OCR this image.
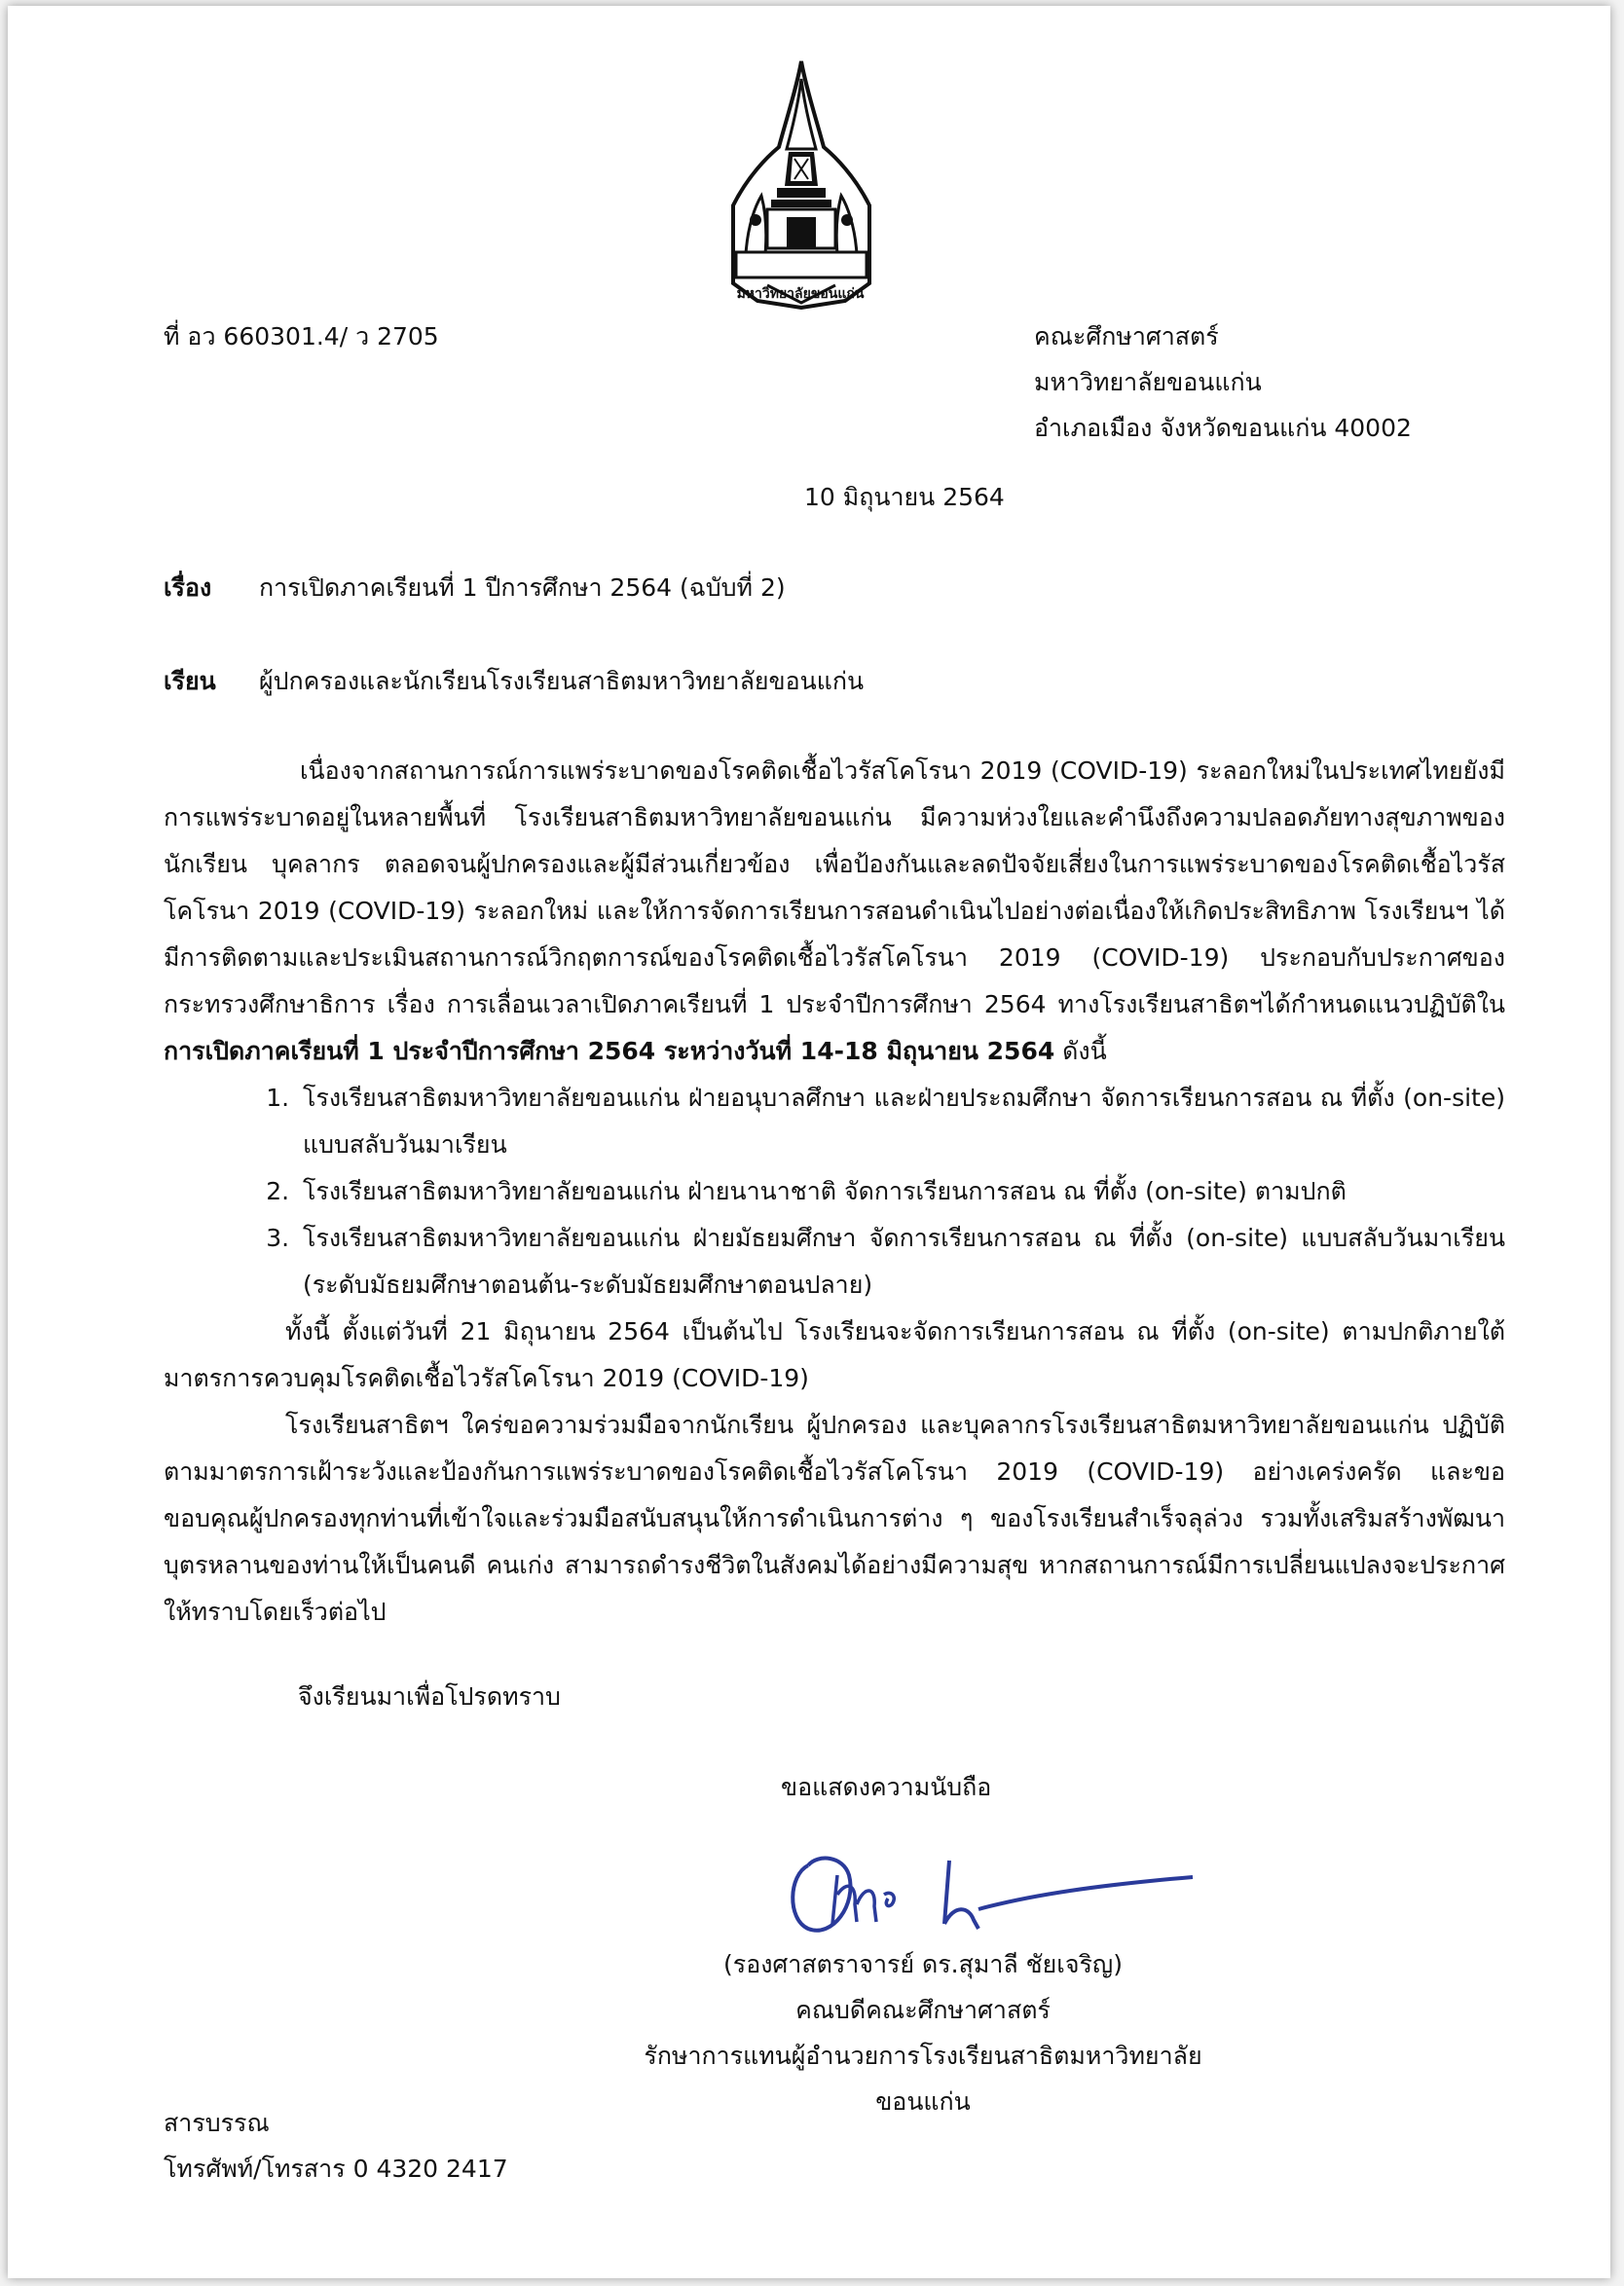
มหาวิทยาลัยขอนแก่น
ที่ อว 660301.4/ ว 2705	คณะศึกษาศาสตร์
มหาวิทยาลัยขอนแก่น
อำเภอเมือง จังหวัดขอนแก่น 40002
10 มิถุนายน 2564
เรื่อง การเปิดภาคเรียนที่ 1 ปีการศึกษา 2564 (ฉบับที่ 2)
เรียน ผู้ปกครองและนักเรียนโรงเรียนสาธิตมหาวิทยาลัยขอนแก่น

เนื่องจากสถานการณ์การแพร่ระบาดของโรคติดเชื้อไวรัสโคโรนา 2019 (COVID-19) ระลอกใหม่ในประเทศไทยยังมีการแพร่ระบาดอยู่ในหลายพื้นที่ โรงเรียนสาธิตมหาวิทยาลัยขอนแก่น มีความห่วงใยและคำนึงถึงความปลอดภัยทางสุขภาพของนักเรียน บุคลากร ตลอดจนผู้ปกครองและผู้มีส่วนเกี่ยวข้อง เพื่อป้องกันและลดปัจจัยเสี่ยงในการแพร่ระบาดของโรคติดเชื้อไวรัสโคโรนา 2019 (COVID-19) ระลอกใหม่ และให้การจัดการเรียนการสอนดำเนินไปอย่างต่อเนื่องให้เกิดประสิทธิภาพ โรงเรียนฯ ได้มีการติดตามและประเมินสถานการณ์วิกฤตการณ์ของโรคติดเชื้อไวรัสโคโรนา 2019 (COVID-19) ประกอบกับประกาศของกระทรวงศึกษาธิการ เรื่อง การเลื่อนเวลาเปิดภาคเรียนที่ 1 ประจำปีการศึกษา 2564 ทางโรงเรียนสาธิตฯได้กำหนดแนวปฏิบัติในการเปิดภาคเรียนที่ 1 ประจำปีการศึกษา 2564 ระหว่างวันที่ 14-18 มิถุนายน 2564 ดังนี้

1. โรงเรียนสาธิตมหาวิทยาลัยขอนแก่น ฝ่ายอนุบาลศึกษา และฝ่ายประถมศึกษา จัดการเรียนการสอน ณ ที่ตั้ง (on-site) แบบสลับวันมาเรียน
2. โรงเรียนสาธิตมหาวิทยาลัยขอนแก่น ฝ่ายนานาชาติ จัดการเรียนการสอน ณ ที่ตั้ง (on-site) ตามปกติ
3. โรงเรียนสาธิตมหาวิทยาลัยขอนแก่น ฝ่ายมัธยมศึกษา จัดการเรียนการสอน ณ ที่ตั้ง (on-site) แบบสลับวันมาเรียน (ระดับมัธยมศึกษาตอนต้น-ระดับมัธยมศึกษาตอนปลาย)

ทั้งนี้ ตั้งแต่วันที่ 21 มิถุนายน 2564 เป็นต้นไป โรงเรียนจะจัดการเรียนการสอน ณ ที่ตั้ง (on-site) ตามปกติภายใต้มาตรการควบคุมโรคติดเชื้อไวรัสโคโรนา 2019 (COVID-19)

โรงเรียนสาธิตฯ ใคร่ขอความร่วมมือจากนักเรียน ผู้ปกครอง และบุคลากรโรงเรียนสาธิตมหาวิทยาลัยขอนแก่น ปฏิบัติตามมาตรการเฝ้าระวังและป้องกันการแพร่ระบาดของโรคติดเชื้อไวรัสโคโรนา 2019 (COVID-19) อย่างเคร่งครัด และขอขอบคุณผู้ปกครองทุกท่านที่เข้าใจและร่วมมือสนับสนุนให้การดำเนินการต่าง ๆ ของโรงเรียนสำเร็จลุล่วง รวมทั้งเสริมสร้างพัฒนาบุตรหลานของท่านให้เป็นคนดี คนเก่ง สามารถดำรงชีวิตในสังคมได้อย่างมีความสุข หากสถานการณ์มีการเปลี่ยนแปลงจะประกาศให้ทราบโดยเร็วต่อไป

จึงเรียนมาเพื่อโปรดทราบ
ขอแสดงความนับถือ
(รองศาสตราจารย์ ดร.สุมาลี ชัยเจริญ)
คณบดีคณะศึกษาศาสตร์
รักษาการแทนผู้อำนวยการโรงเรียนสาธิตมหาวิทยาลัยขอนแก่น
สารบรรณ
โทรศัพท์/โทรสาร 0 4320 2417
